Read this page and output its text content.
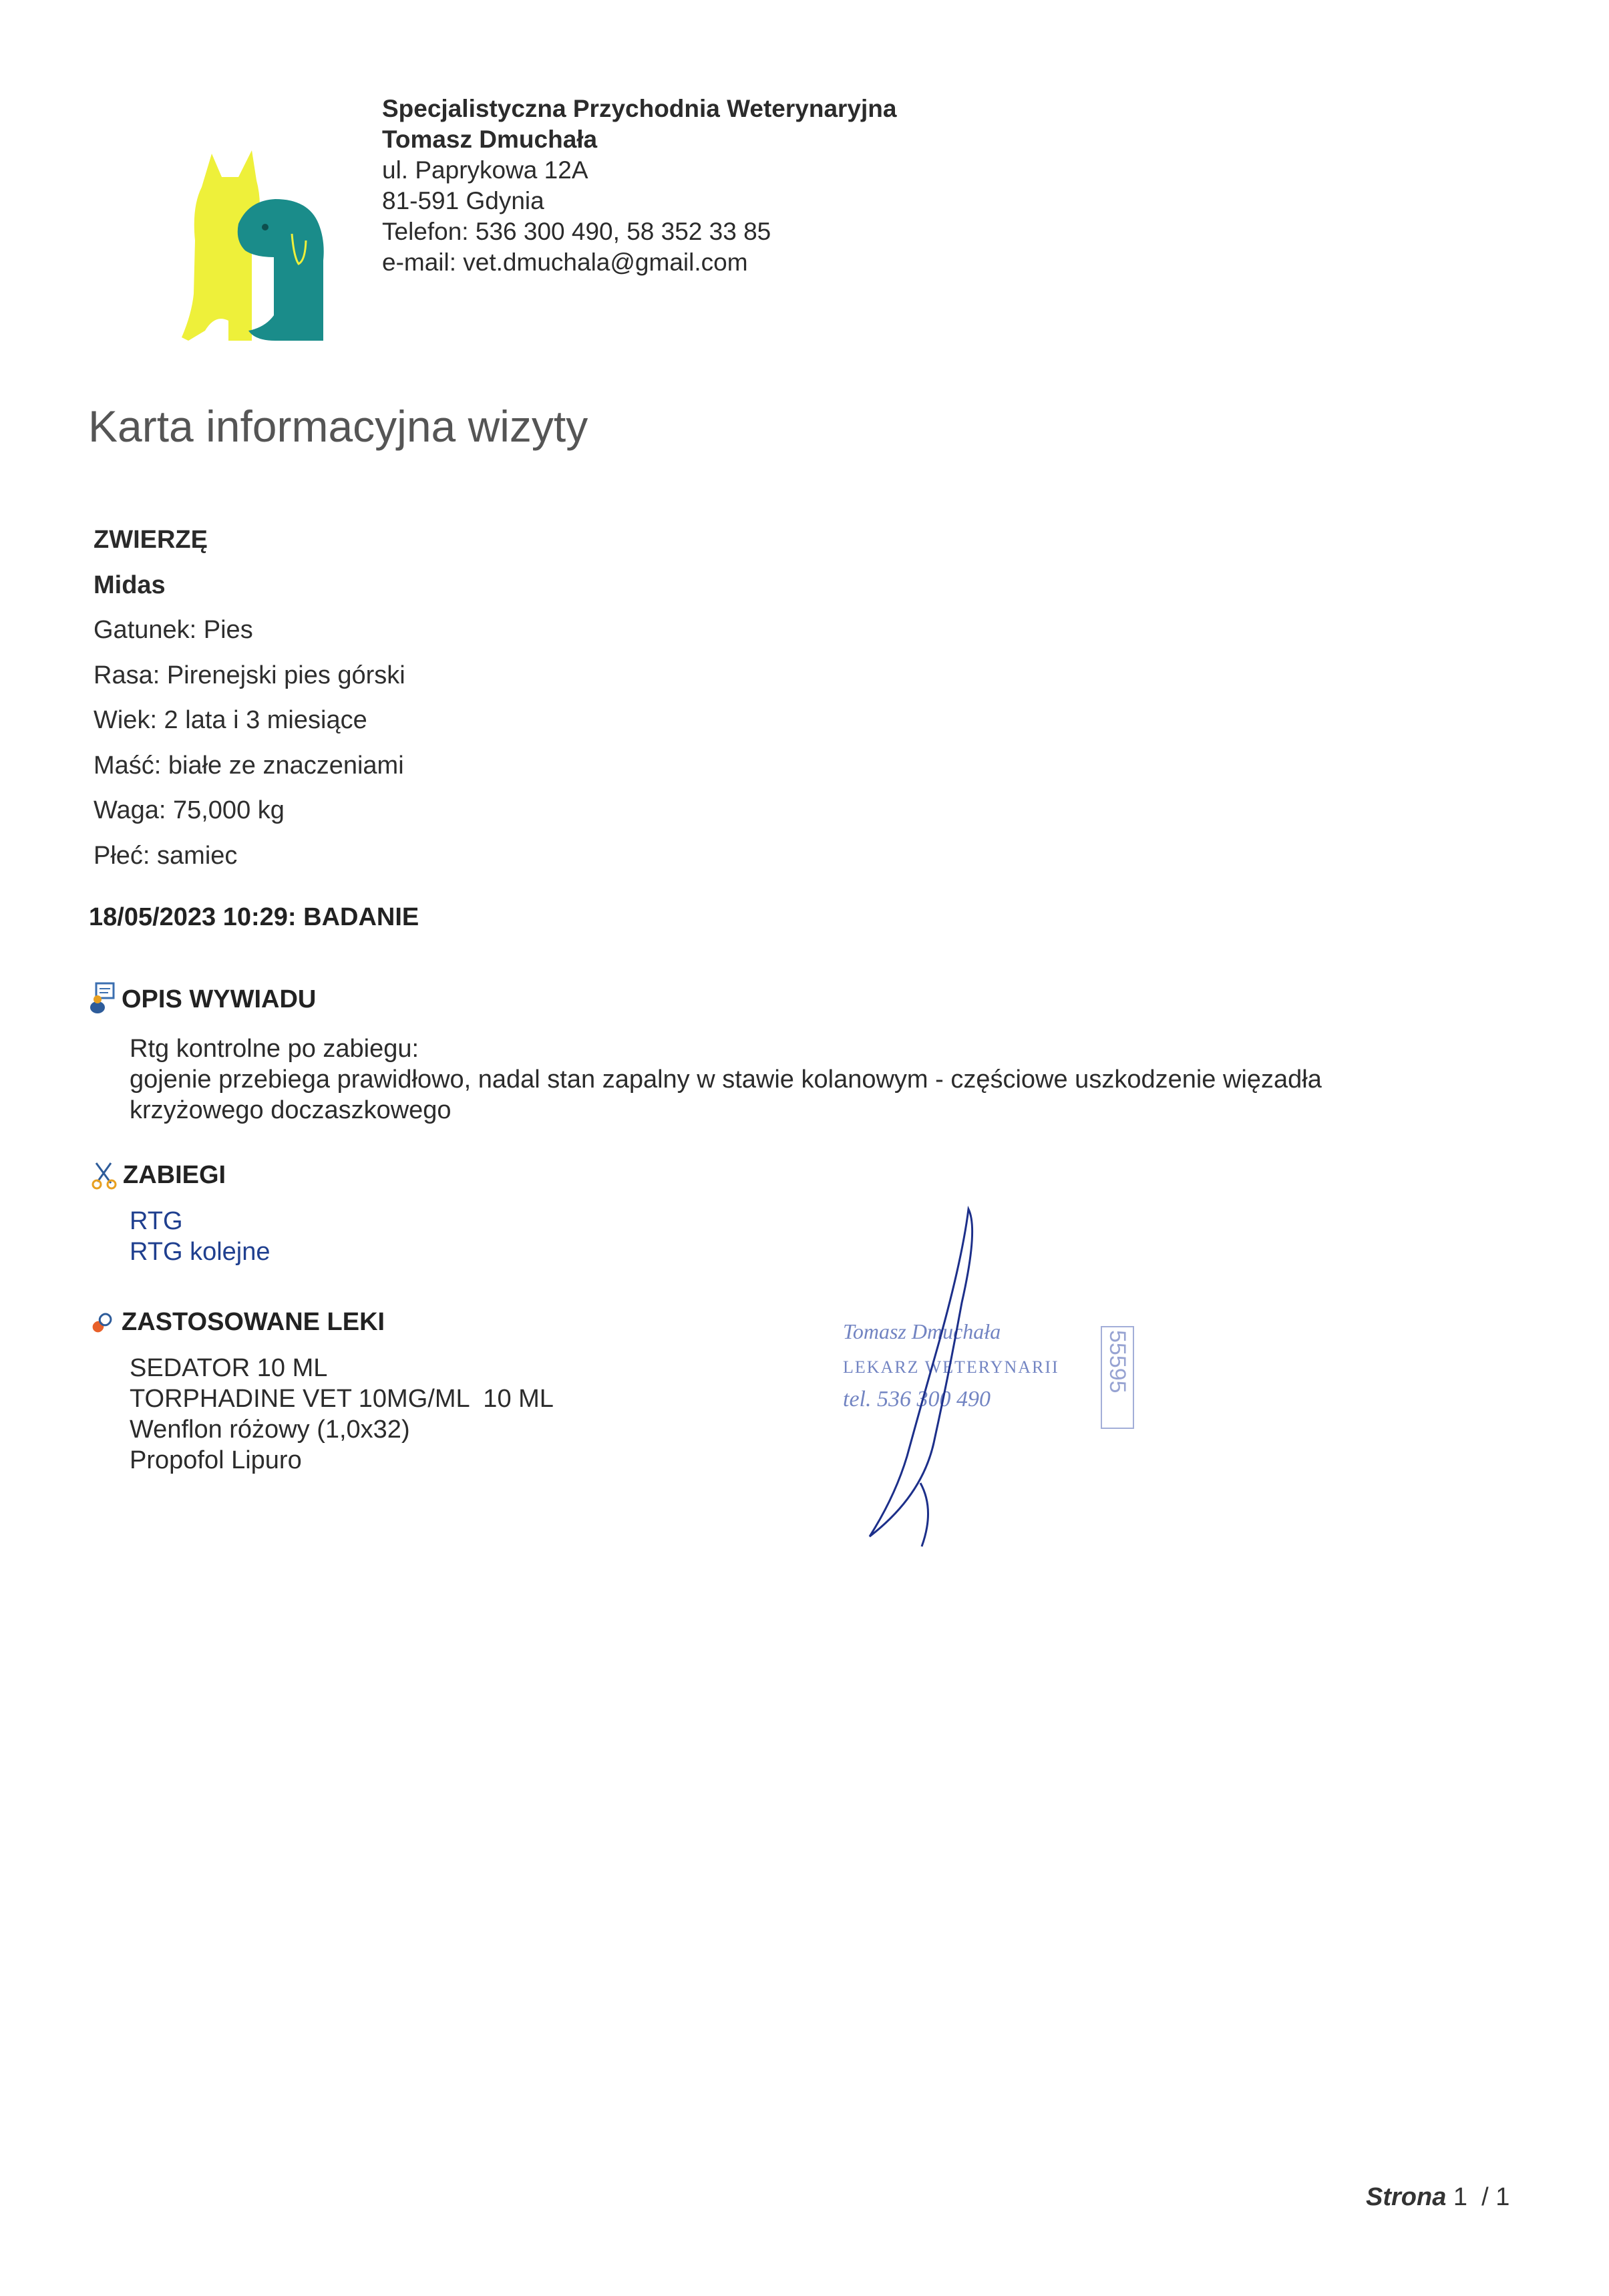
Specjalistyczna Przychodnia Weterynaryjna
Tomasz Dmuchała
ul. Paprykowa 12A
81-591 Gdynia
Telefon: 536 300 490, 58 352 33 85
e-mail: vet.dmuchala@gmail.com
Karta informacyjna wizyty
ZWIERZĘ
Midas
Gatunek: Pies
Rasa: Pirenejski pies górski
Wiek: 2 lata i 3 miesiące
Maść: białe ze znaczeniami
Waga: 75,000 kg
Płeć: samiec
18/05/2023 10:29: BADANIE
OPIS WYWIADU
Rtg kontrolne po zabiegu:
gojenie przebiega prawidłowo, nadal stan zapalny w stawie kolanowym - częściowe uszkodzenie więzadła
krzyżowego doczaszkowego
ZABIEGI
RTG
RTG kolejne
ZASTOSOWANE LEKI
SEDATOR 10 ML
TORPHADINE VET 10MG/ML  10 ML
Wenflon różowy (1,0x32)
Propofol Lipuro
Tomasz Dmuchała
LEKARZ WETERYNARII
tel. 536 300 490
55595
Strona 1  / 1
